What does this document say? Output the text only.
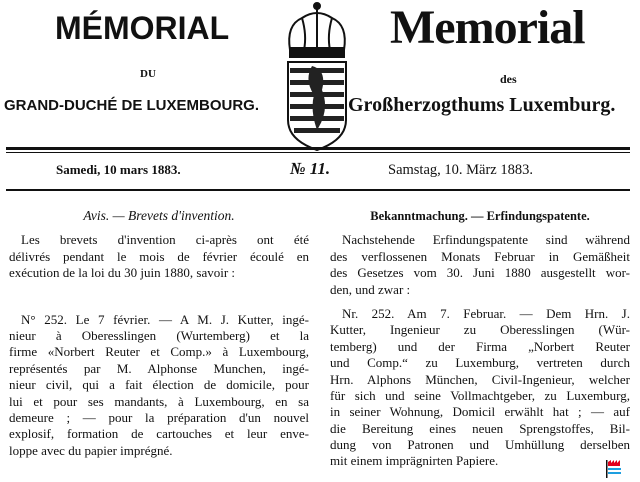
MÉMORIAL
DU
GRAND-DUCHÉ DE LUXEMBOURG.
Memorial
des
Großherzogthums Luxemburg.
Samedi, 10 mars 1883.	№ 11.	Samstag, 10. März 1883.
Avis. — Brevets d'invention.
Les brevets d'invention ci-après ont été
délivrés pendant le mois de février écoulé en
exécution de la loi du 30 juin 1880, savoir :
N° 252. Le 7 février. — A M. J. Kutter, ingé-
nieur à Oberesslingen (Wurtemberg) et la
firme «Norbert Reuter et Comp.» à Luxembourg,
représentés par M. Alphonse Munchen, ingé-
nieur civil, qui a fait élection de domicile, pour
lui et pour ses mandants, à Luxembourg, en sa
demeure ; — pour la préparation d'un nouvel
explosif, formation de cartouches et leur enve-
loppe avec du papier imprégné.
Bekanntmachung. — Erfindungspatente.
Nachstehende Erfindungspatente sind während
des verflossenen Monats Februar in Gemäßheit
des Gesetzes vom 30. Juni 1880 ausgestellt wor-
den, und zwar :
Nr. 252. Am 7. Februar. — Dem Hrn. J.
Kutter, Ingenieur zu Oberesslingen (Wür-
temberg) und der Firma „Norbert Reuter
und Comp.“ zu Luxemburg, vertreten durch
Hrn. Alphons München, Civil-Ingenieur, welcher
für sich und seine Vollmachtgeber, zu Luxemburg,
in seiner Wohnung, Domicil erwählt hat ; — auf
die Bereitung eines neuen Sprengstoffes, Bil-
dung von Patronen und Umhüllung derselben
mit einem imprägnirten Papiere.
